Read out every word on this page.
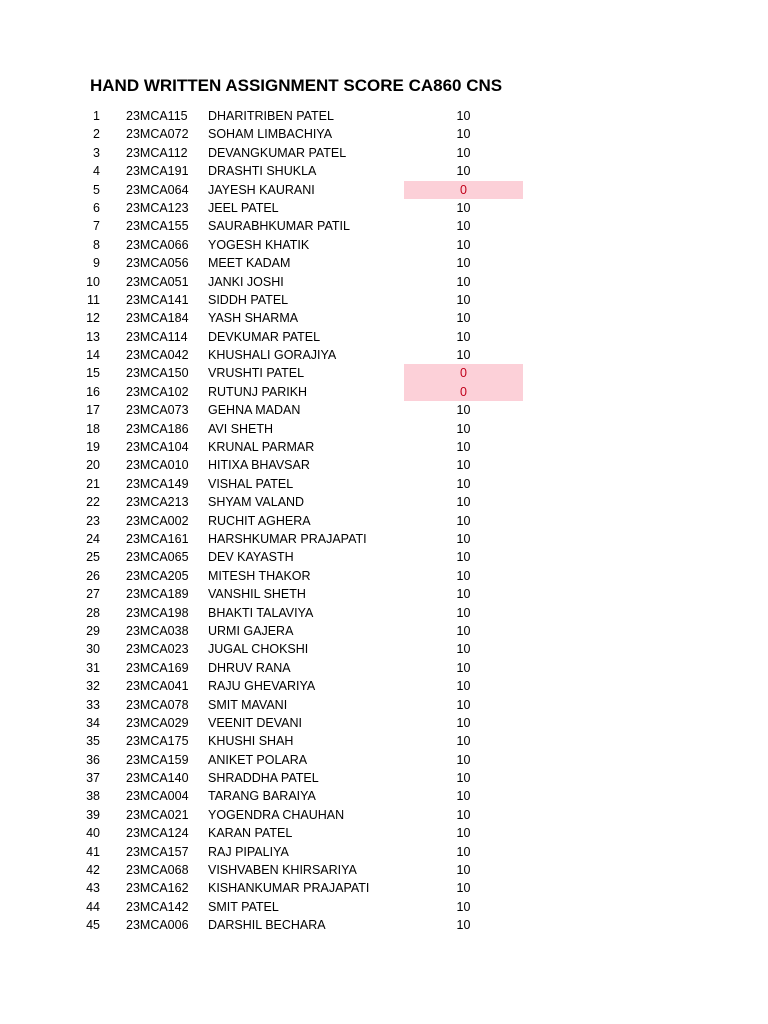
HAND WRITTEN ASSIGNMENT SCORE CA860 CNS
1 23MCA115 DHARITRIBEN PATEL	10
2 23MCA072 SOHAM LIMBACHIYA	10
3 23MCA112 DEVANGKUMAR PATEL	10
4 23MCA191 DRASHTI SHUKLA	10
5 23MCA064 JAYESH KAURANI	0
6 23MCA123 JEEL PATEL	10
7 23MCA155 SAURABHKUMAR PATIL	10
8 23MCA066 YOGESH KHATIK	10
9 23MCA056 MEET KADAM	10
10 23MCA051 JANKI JOSHI	10
11 23MCA141 SIDDH PATEL	10
12 23MCA184 YASH SHARMA	10
13 23MCA114 DEVKUMAR PATEL	10
14 23MCA042 KHUSHALI GORAJIYA	10
15 23MCA150 VRUSHTI PATEL	0
16 23MCA102 RUTUNJ PARIKH	0
17 23MCA073 GEHNA MADAN	10
18 23MCA186 AVI SHETH	10
19 23MCA104 KRUNAL PARMAR	10
20 23MCA010 HITIXA BHAVSAR	10
21 23MCA149 VISHAL PATEL	10
22 23MCA213 SHYAM VALAND	10
23 23MCA002 RUCHIT AGHERA	10
24 23MCA161 HARSHKUMAR PRAJAPATI	10
25 23MCA065 DEV KAYASTH	10
26 23MCA205 MITESH THAKOR	10
27 23MCA189 VANSHIL SHETH	10
28 23MCA198 BHAKTI TALAVIYA	10
29 23MCA038 URMI GAJERA	10
30 23MCA023 JUGAL CHOKSHI	10
31 23MCA169 DHRUV RANA	10
32 23MCA041 RAJU GHEVARIYA	10
33 23MCA078 SMIT MAVANI	10
34 23MCA029 VEENIT DEVANI	10
35 23MCA175 KHUSHI SHAH	10
36 23MCA159 ANIKET POLARA	10
37 23MCA140 SHRADDHA PATEL	10
38 23MCA004 TARANG BARAIYA	10
39 23MCA021 YOGENDRA CHAUHAN	10
40 23MCA124 KARAN PATEL	10
41 23MCA157 RAJ PIPALIYA	10
42 23MCA068 VISHVABEN KHIRSARIYA	10
43 23MCA162 KISHANKUMAR PRAJAPATI	10
44 23MCA142 SMIT PATEL	10
45 23MCA006 DARSHIL BECHARA	10
